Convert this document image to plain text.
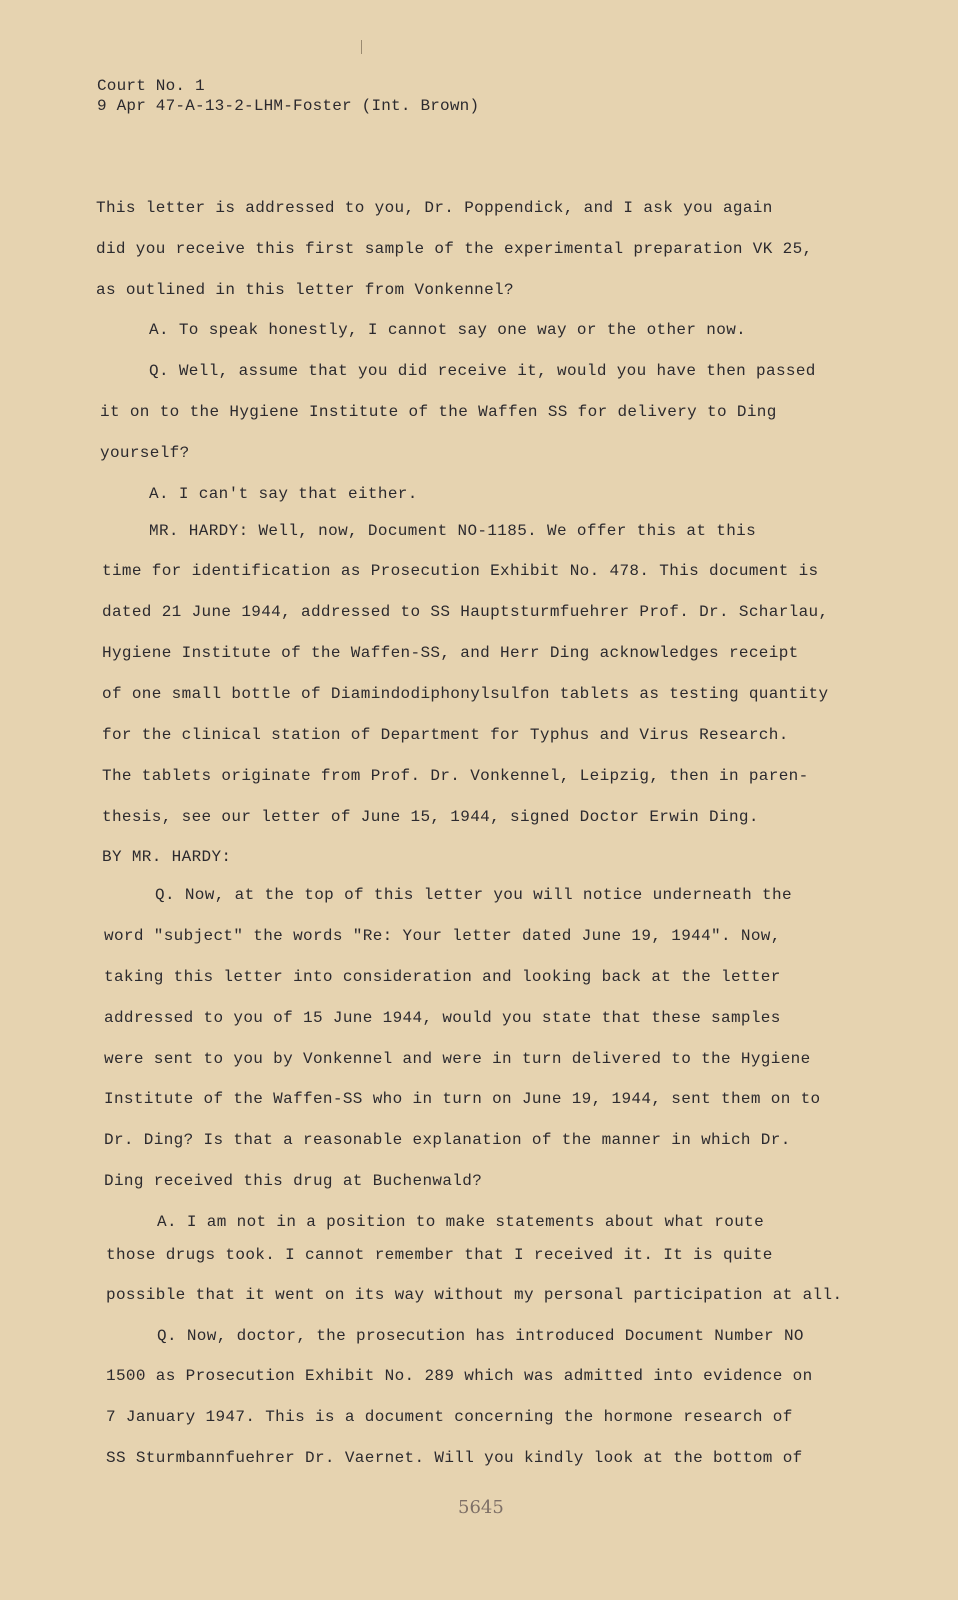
Court No. 1
9 Apr 47-A-13-2-LHM-Foster (Int. Brown)
This letter is addressed to you, Dr. Poppendick, and I ask you again
did you receive this first sample of the experimental preparation VK 25,
as outlined in this letter from Vonkennel?
A. To speak honestly, I cannot say one way or the other now.
Q. Well, assume that you did receive it, would you have then passed
it on to the Hygiene Institute of the Waffen SS for delivery to Ding
yourself?
A. I can't say that either.
MR. HARDY: Well, now, Document NO-1185. We offer this at this
time for identification as Prosecution Exhibit No. 478. This document is
dated 21 June 1944, addressed to SS Hauptsturmfuehrer Prof. Dr. Scharlau,
Hygiene Institute of the Waffen-SS, and Herr Ding acknowledges receipt
of one small bottle of Diamindodiphonylsulfon tablets as testing quantity
for the clinical station of Department for Typhus and Virus Research.
The tablets originate from Prof. Dr. Vonkennel, Leipzig, then in paren-
thesis, see our letter of June 15, 1944, signed Doctor Erwin Ding.
BY MR. HARDY:
Q. Now, at the top of this letter you will notice underneath the
word "subject" the words "Re: Your letter dated June 19, 1944". Now,
taking this letter into consideration and looking back at the letter
addressed to you of 15 June 1944, would you state that these samples
were sent to you by Vonkennel and were in turn delivered to the Hygiene
Institute of the Waffen-SS who in turn on June 19, 1944, sent them on to
Dr. Ding? Is that a reasonable explanation of the manner in which Dr.
Ding received this drug at Buchenwald?
A. I am not in a position to make statements about what route
those drugs took. I cannot remember that I received it. It is quite
possible that it went on its way without my personal participation at all.
Q. Now, doctor, the prosecution has introduced Document Number NO
1500 as Prosecution Exhibit No. 289 which was admitted into evidence on
7 January 1947. This is a document concerning the hormone research of
SS Sturmbannfuehrer Dr. Vaernet. Will you kindly look at the bottom of
5645
